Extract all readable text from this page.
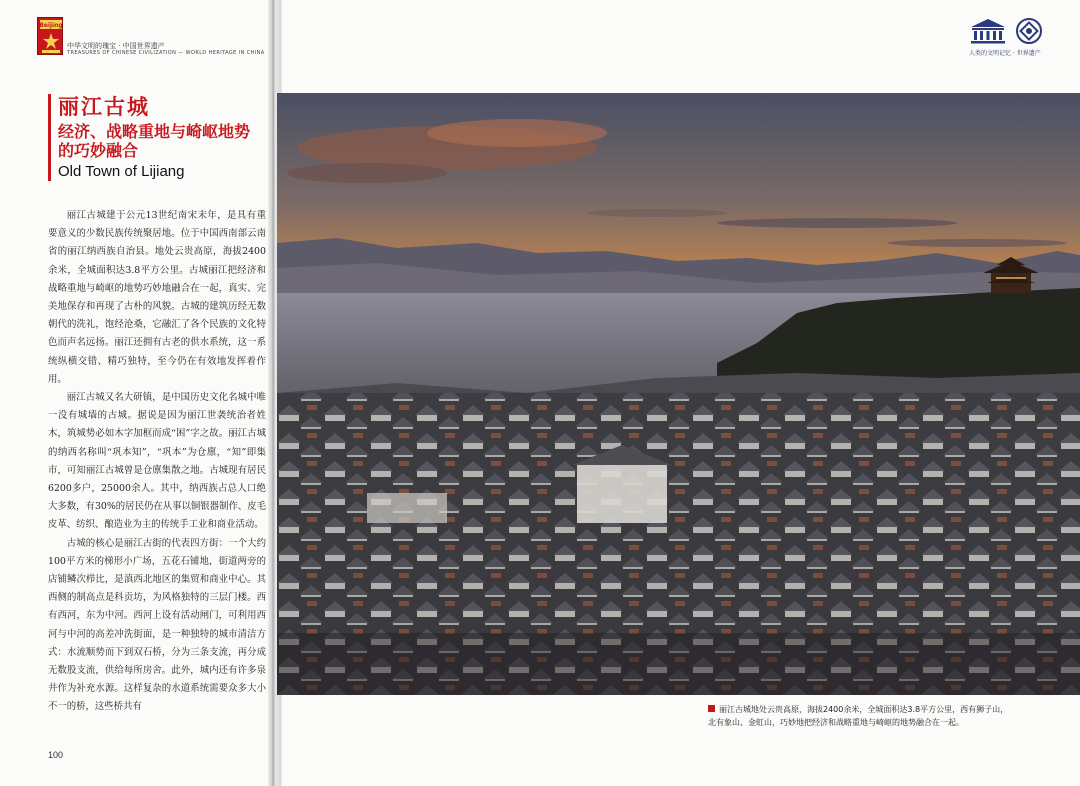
Beijing
中华文明的瑰宝 · 中国世界遗产
TREASURES OF CHINESE CIVILIZATION — WORLD HERITAGE IN CHINA
丽江古城
经济、战略重地与崎岖地势
的巧妙融合
Old Town of Lijiang

丽江古城建于公元13世纪南宋末年，是具有重要意义的少数民族传统聚居地。位于中国西南部云南省的丽江纳西族自治县。地处云贵高原，海拔2400余米，全城面积达3.8平方公里。古城丽江把经济和战略重地与崎岖的地势巧妙地融合在一起，真实、完美地保存和再现了古朴的风貌。古城的建筑历经无数朝代的洗礼，饱经沧桑，它融汇了各个民族的文化特色而声名远扬。丽江还拥有古老的供水系统，这一系统纵横交错、精巧独特，至今仍在有效地发挥着作用。

丽江古城又名大研镇，是中国历史文化名城中唯一没有城墙的古城。据说是因为丽江世袭统治者姓木，筑城势必如木字加框而成“困”字之故。丽江古城的纳西名称叫“巩本知”，“巩本”为仓廪，“知”即集市，可知丽江古城曾是仓廪集散之地。古城现有居民6200多户，25000余人。其中，纳西族占总人口绝大多数，有30%的居民仍在从事以铜银器制作、皮毛皮革、纺织、酿造业为主的传统手工业和商业活动。

古城的核心是丽江古街的代表四方街：一个大约100平方米的梯形小广场，五花石铺地，街道两旁的店铺鳞次栉比，是滇西北地区的集贸和商业中心。其西侧的制高点是科贡坊，为风格独特的三层门楼。西有西河，东为中河。西河上设有活动闸门，可利用西河与中河的高差冲洗街面，是一种独特的城市清洁方式：水流顺势而下到双石桥，分为三条支流，再分成无数股支流，供给每所房舍。此外，城内还有许多泉井作为补充水源。这样复杂的水道系统需要众多大小不一的桥，这些桥共有

100
人类的文明记忆 · 世界遗产
丽江古城地处云贵高原，海拔2400余米，全城面积达3.8平方公里，西有狮子山，
北有象山、金虹山，巧妙地把经济和战略重地与崎岖的地势融合在一起。
